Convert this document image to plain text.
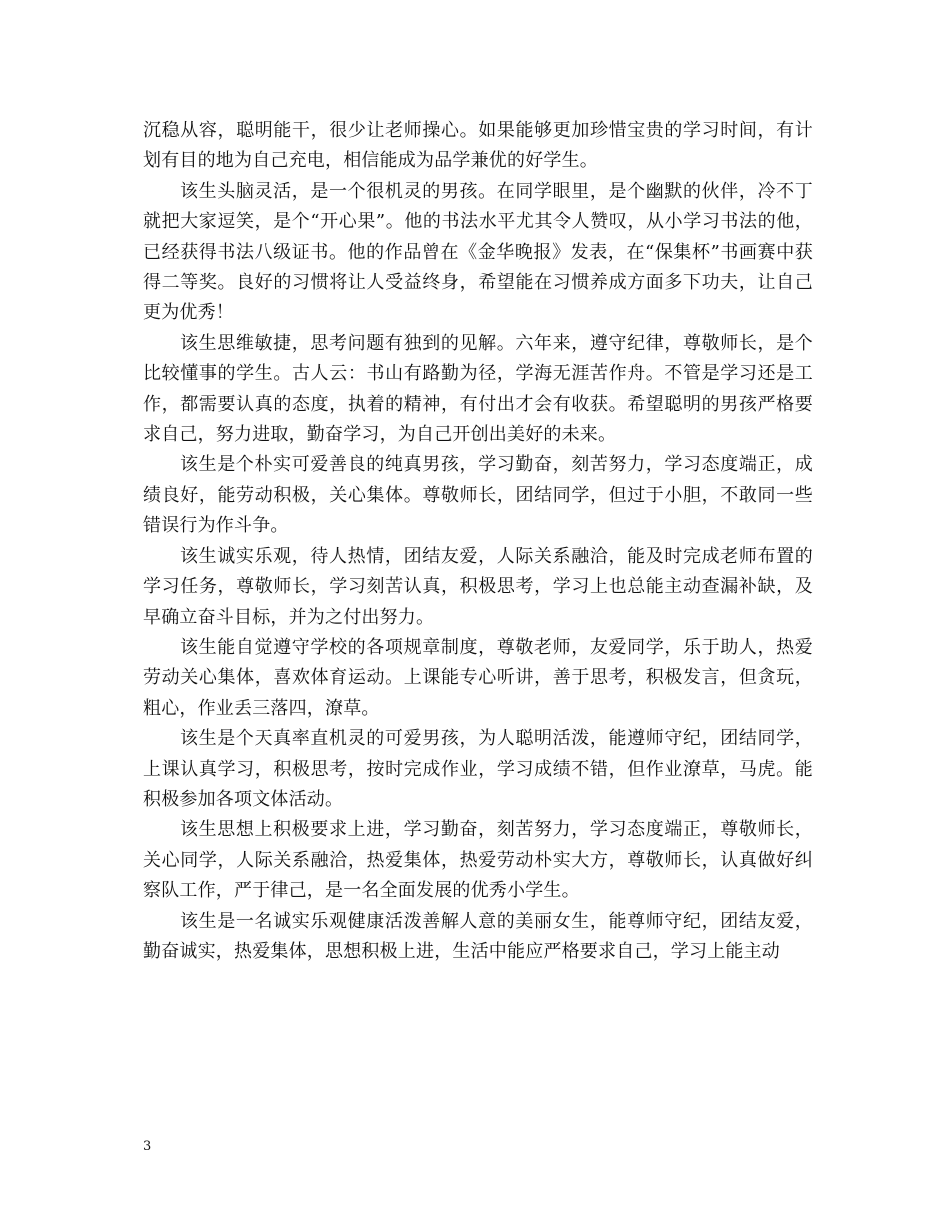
沉稳从容，聪明能干，很少让老师操心。如果能够更加珍惜宝贵的学习时间，有计划有目的地为自己充电，相信能成为品学兼优的好学生。

该生头脑灵活，是一个很机灵的男孩。在同学眼里，是个幽默的伙伴，冷不丁就把大家逗笑，是个“开心果”。他的书法水平尤其令人赞叹，从小学习书法的他，已经获得书法八级证书。他的作品曾在《金华晚报》发表，在“保集杯”书画赛中获得二等奖。良好的习惯将让人受益终身，希望能在习惯养成方面多下功夫，让自己更为优秀！

该生思维敏捷，思考问题有独到的见解。六年来，遵守纪律，尊敬师长，是个比较懂事的学生。古人云：书山有路勤为径，学海无涯苦作舟。不管是学习还是工作，都需要认真的态度，执着的精神，有付出才会有收获。希望聪明的男孩严格要求自己，努力进取，勤奋学习，为自己开创出美好的未来。

该生是个朴实可爱善良的纯真男孩，学习勤奋，刻苦努力，学习态度端正，成绩良好，能劳动积极，关心集体。尊敬师长，团结同学，但过于小胆，不敢同一些错误行为作斗争。

该生诚实乐观，待人热情，团结友爱，人际关系融洽，能及时完成老师布置的学习任务，尊敬师长，学习刻苦认真，积极思考，学习上也总能主动查漏补缺，及早确立奋斗目标，并为之付出努力。

该生能自觉遵守学校的各项规章制度，尊敬老师，友爱同学，乐于助人，热爱劳动关心集体，喜欢体育运动。上课能专心听讲，善于思考，积极发言，但贪玩，粗心，作业丢三落四，潦草。

该生是个天真率直机灵的可爱男孩，为人聪明活泼，能遵师守纪，团结同学，上课认真学习，积极思考，按时完成作业，学习成绩不错，但作业潦草，马虎。能积极参加各项文体活动。

该生思想上积极要求上进，学习勤奋，刻苦努力，学习态度端正，尊敬师长，关心同学，人际关系融洽，热爱集体，热爱劳动朴实大方，尊敬师长，认真做好纠察队工作，严于律己，是一名全面发展的优秀小学生。

该生是一名诚实乐观健康活泼善解人意的美丽女生，能尊师守纪，团结友爱，勤奋诚实，热爱集体，思想积极上进，生活中能应严格要求自己，学习上能主动

3
